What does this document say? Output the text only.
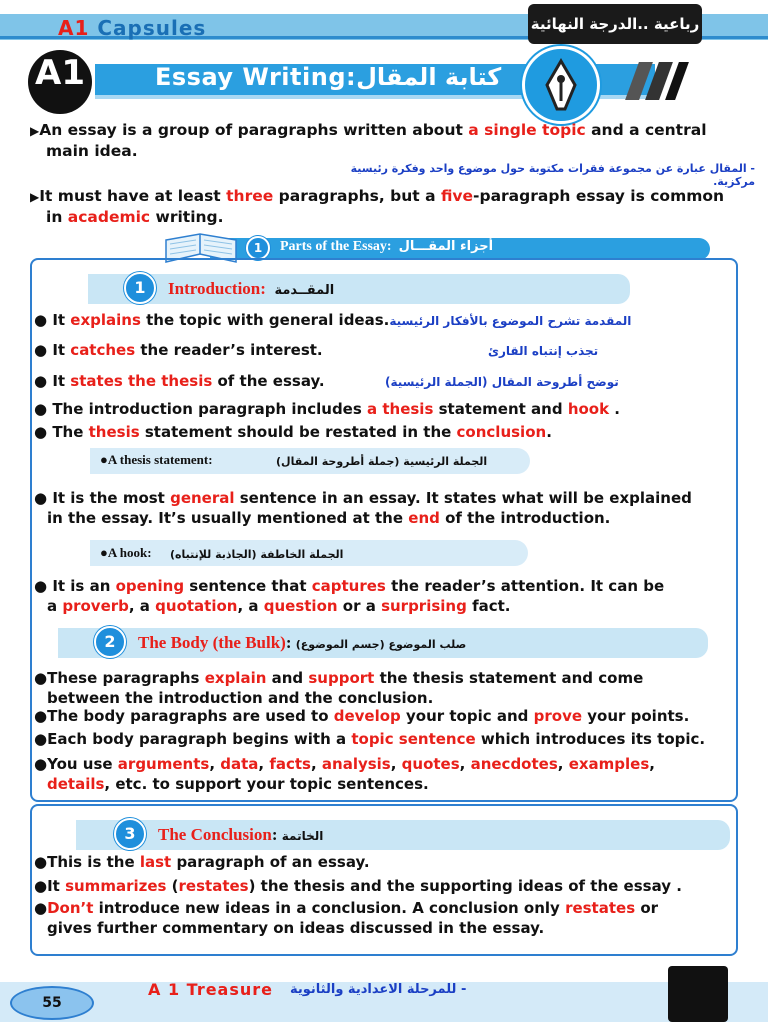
A1 Capsules	رباعية ..الدرجة النهائية
A1	Essay Writing:كتابة المقال
▶ An essay is a group of paragraphs written about a single topic and a central
main idea.
- المقال عبارة عن مجموعة فقرات مكتوبة حول موضوع واحد وفكرة رئيسية مركزية.
▶ It must have at least three paragraphs, but a five-paragraph essay is common
in academic writing.
1	Parts of the Essay: أجزاء المقـــال
1	Introduction: المقــدمة
● It explains the topic with general ideas.المقدمة تشرح الموضوع بالأفكار الرئيسية
● It catches the reader’s interest.	تجذب إنتباه القارئ
● It states the thesis of the essay.	توضح أطروحة المقال (الجملة الرئيسية)
● The introduction paragraph includes a thesis statement and hook .
● The thesis statement should be restated in the conclusion.
●A thesis statement:	الجملة الرئيسية (جملة أطروحة المقال)
● It is the most general sentence in an essay. It states what will be explained
in the essay. It’s usually mentioned at the end of the introduction.
●A hook: الجملة الخاطفة (الجاذبة للإنتباه)
● It is an opening sentence that captures the reader’s attention. It can be
a proverb, a quotation, a question or a surprising fact.
2	The Body (the Bulk): صلب الموضوع (جسم الموضوع)
●These paragraphs explain and support the thesis statement and come
between the introduction and the conclusion.
●The body paragraphs are used to develop your topic and prove your points.
●Each body paragraph begins with a topic sentence which introduces its topic.
●You use arguments, data, facts, analysis, quotes, anecdotes, examples,
details, etc. to support your topic sentences.
3	The Conclusion: الخاتمة
●This is the last paragraph of an essay.
●It summarizes (restates) the thesis and the supporting ideas of the essay .
●Don’t introduce new ideas in a conclusion. A conclusion only restates or
gives further commentary on ideas discussed in the essay.
55
A 1 Treasure - للمرحلة الاعدادية والثانوية
